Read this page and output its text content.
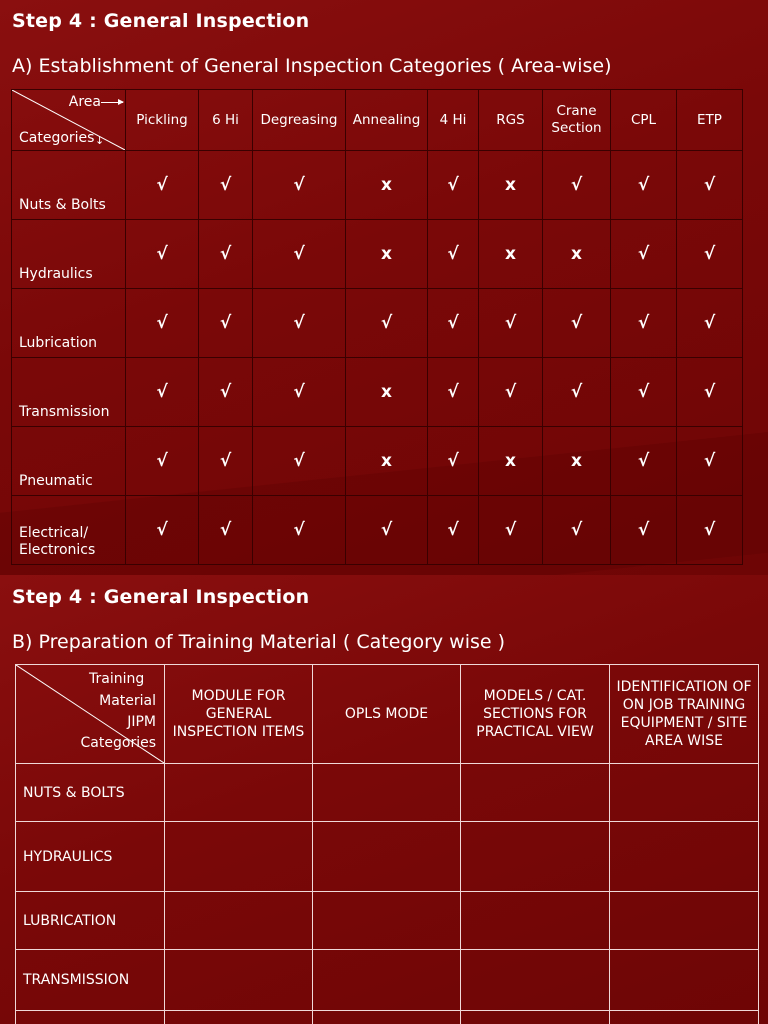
Step 4 : General Inspection
A) Establishment of General Inspection Categories ( Area-wise)
Area
Categories ↓	Pickling	6 Hi	Degreasing	Annealing	4 Hi	RGS	Crane Section	CPL	ETP
Nuts & Bolts	√	√	√	x	√	x	√	√	√
Hydraulics	√	√	√	x	√	x	x	√	√
Lubrication	√	√	√	√	√	√	√	√	√
Transmission	√	√	√	x	√	√	√	√	√
Pneumatic	√	√	√	x	√	x	x	√	√
Electrical/ Electronics	√	√	√	√	√	√	√	√	√
Step 4 : General Inspection
B) Preparation of Training Material ( Category wise )
Training
Material
JIPM
Categories	MODULE FOR GENERAL INSPECTION ITEMS	OPLS MODE	MODELS / CAT. SECTIONS FOR PRACTICAL VIEW	IDENTIFICATION OF ON JOB TRAINING EQUIPMENT / SITE AREA WISE
NUTS & BOLTS				
HYDRAULICS				
LUBRICATION				
TRANSMISSION				
